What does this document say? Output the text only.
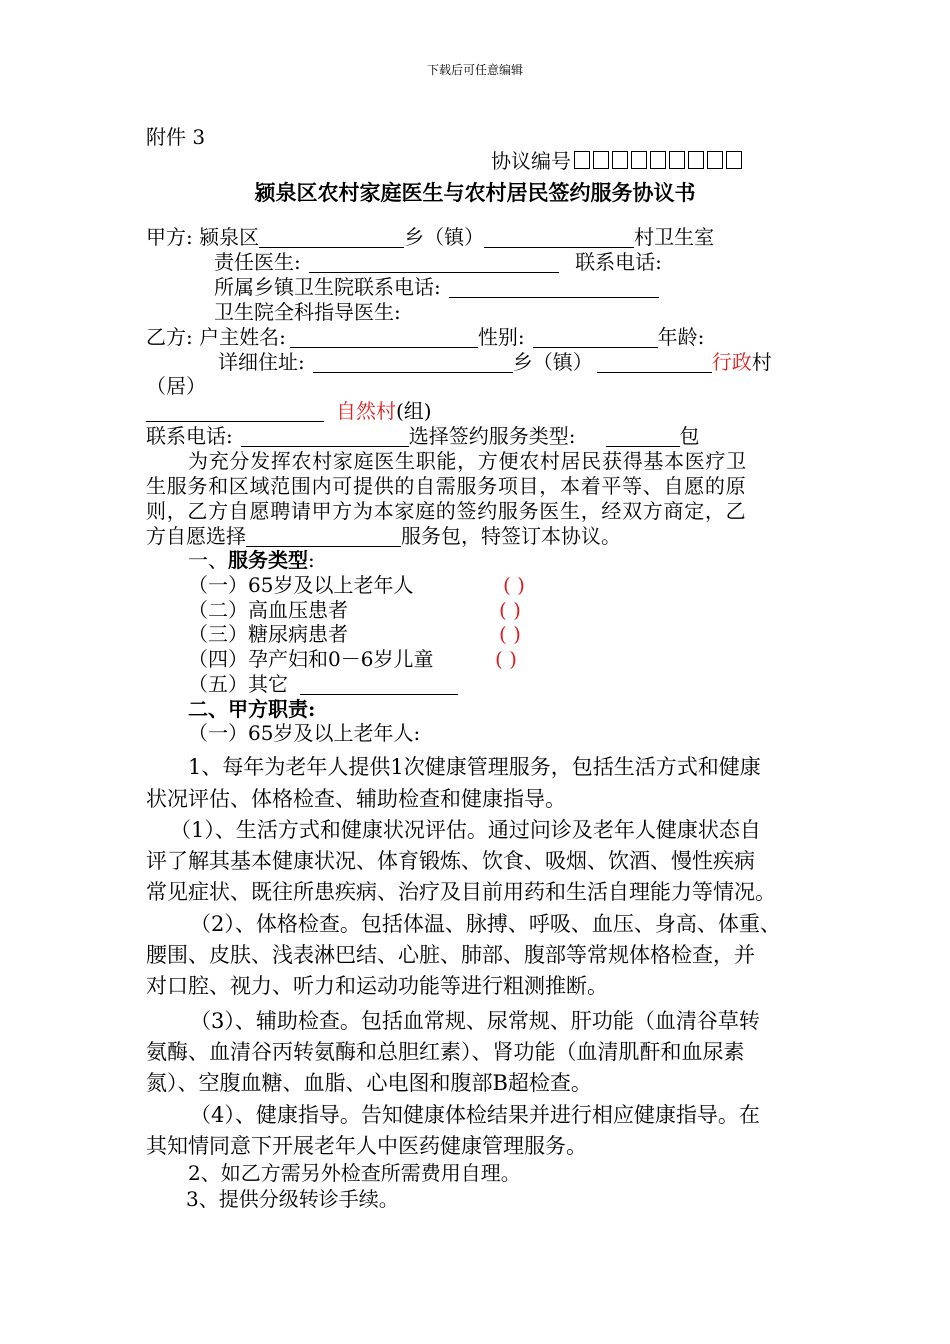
下载后可任意编辑
附件 3
协议编号
颍泉区农村家庭医生与农村居民签约服务协议书
甲方: 颍泉区	乡（镇）	村卫生室
责任医生:	联系电话:
所属乡镇卫生院联系电话:
卫生院全科指导医生:
乙方: 户主姓名:	性别:	年龄:
详细住址:	乡（镇）	行政村
（居）
自然村(组)
联系电话:	选择签约服务类型:	包
为充分发挥农村家庭医生职能，方便农村居民获得基本医疗卫
生服务和区域范围内可提供的自需服务项目，本着平等、自愿的原
则，乙方自愿聘请甲方为本家庭的签约服务医生，经双方商定，乙
方自愿选择	服务包，特签订本协议。
一、服务类型:
（一）65岁及以上老年人	( )
（二）高血压患者	( )
（三）糖尿病患者	( )
（四）孕产妇和0－6岁儿童	( )
（五）其它
二、甲方职责:
（一）65岁及以上老年人:
1、每年为老年人提供1次健康管理服务，包括生活方式和健康
状况评估、体格检查、辅助检查和健康指导。
（1）、生活方式和健康状况评估。通过问诊及老年人健康状态自
评了解其基本健康状况、体育锻炼、饮食、吸烟、饮酒、慢性疾病
常见症状、既往所患疾病、治疗及目前用药和生活自理能力等情况。
（2）、体格检查。包括体温、脉搏、呼吸、血压、身高、体重、
腰围、皮肤、浅表淋巴结、心脏、肺部、腹部等常规体格检查，并
对口腔、视力、听力和运动功能等进行粗测推断。
（3）、辅助检查。包括血常规、尿常规、肝功能（血清谷草转
氨酶、血清谷丙转氨酶和总胆红素）、肾功能（血清肌酐和血尿素
氮）、空腹血糖、血脂、心电图和腹部B超检查。
（4）、健康指导。告知健康体检结果并进行相应健康指导。在
其知情同意下开展老年人中医药健康管理服务。
2、如乙方需另外检查所需费用自理。
3、提供分级转诊手续。
